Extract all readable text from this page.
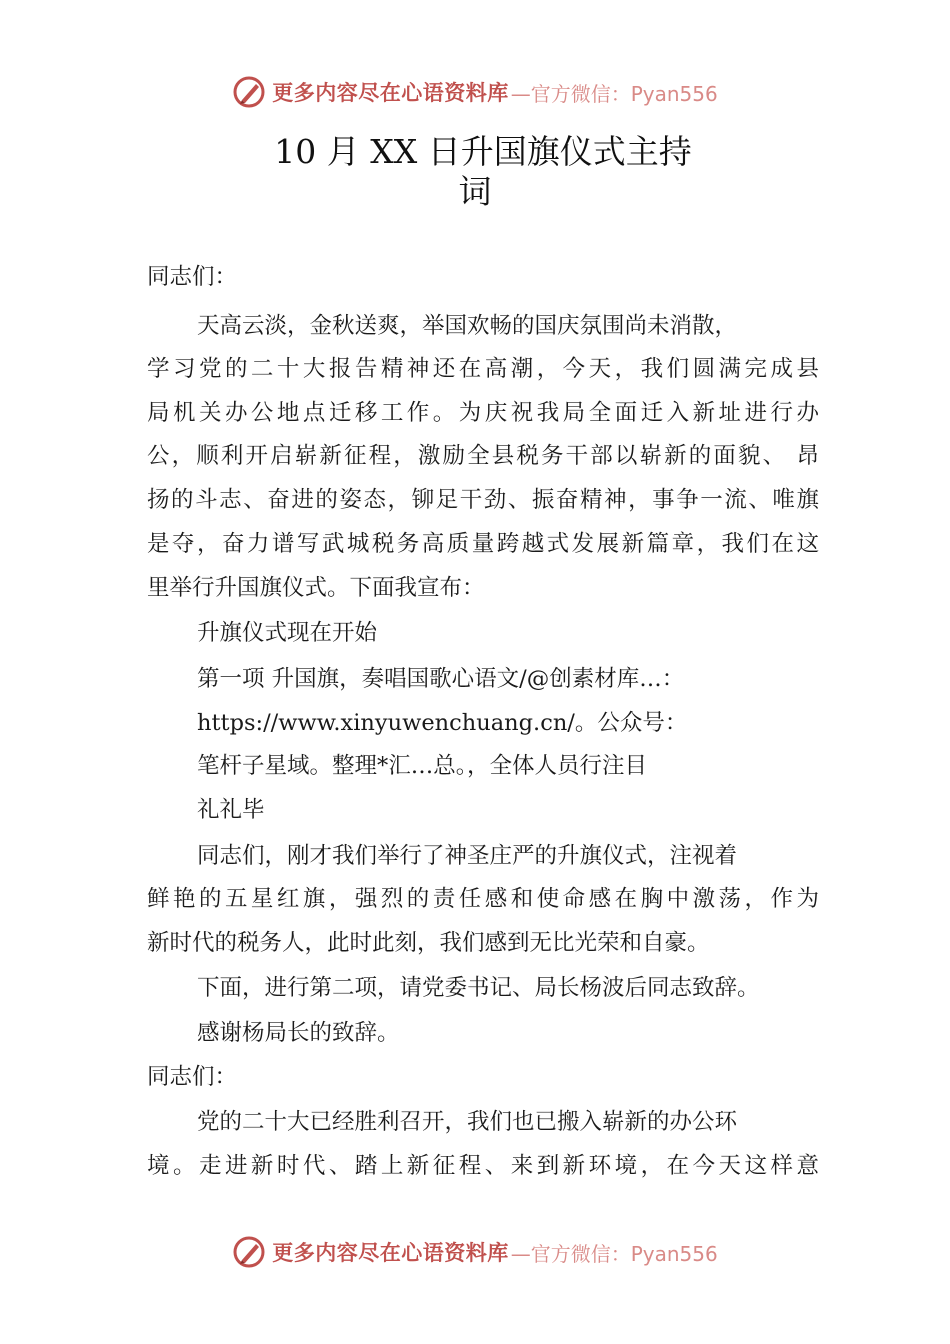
更多内容尽在心语资料库 —官方微信：Pyan556
10 月 XX 日升国旗仪式主持
词
同志们：
天高云淡，金秋送爽，举国欢畅的国庆氛围尚未消散，
学习党的二十大报告精神还在高潮，今天，我们圆满完成县
局机关办公地点迁移工作。为庆祝我局全面迁入新址进行办
公，顺利开启崭新征程，激励全县税务干部以崭新的面貌、 昂
扬的斗志、奋进的姿态，铆足干劲、振奋精神，事争一流、唯旗
是夺，奋力谱写武城税务高质量跨越式发展新篇章，我们在这
里举行升国旗仪式。下面我宣布：
升旗仪式现在开始
第一项 升国旗，奏唱国歌心语文/@创素材库…：
https://www.xinyuwenchuang.cn/。公众号：
笔杆子星域。整理*汇…总。，全体人员行注目
礼礼毕
同志们，刚才我们举行了神圣庄严的升旗仪式，注视着
鲜艳的五星红旗，强烈的责任感和使命感在胸中激荡，作为
新时代的税务人，此时此刻，我们感到无比光荣和自豪。
下面，进行第二项，请党委书记、局长杨波后同志致辞。
感谢杨局长的致辞。
同志们：
党的二十大已经胜利召开，我们也已搬入崭新的办公环
境。走进新时代、踏上新征程、来到新环境，在今天这样意
更多内容尽在心语资料库 —官方微信：Pyan556
